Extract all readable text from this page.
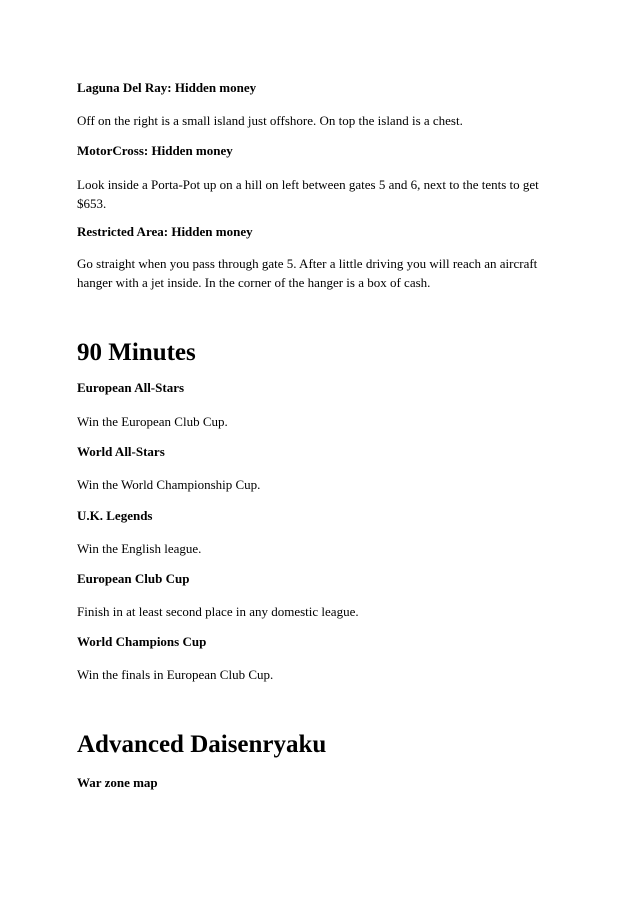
Laguna Del Ray: Hidden money
Off on the right is a small island just offshore. On top the island is a chest.
MotorCross: Hidden money
Look inside a Porta-Pot up on a hill on left between gates 5 and 6, next to the tents to get $653.
Restricted Area: Hidden money
Go straight when you pass through gate 5. After a little driving you will reach an aircraft hanger with a jet inside. In the corner of the hanger is a box of cash.
90 Minutes
European All-Stars
Win the European Club Cup.
World All-Stars
Win the World Championship Cup.
U.K. Legends
Win the English league.
European Club Cup
Finish in at least second place in any domestic league.
World Champions Cup
Win the finals in European Club Cup.
Advanced Daisenryaku
War zone map
